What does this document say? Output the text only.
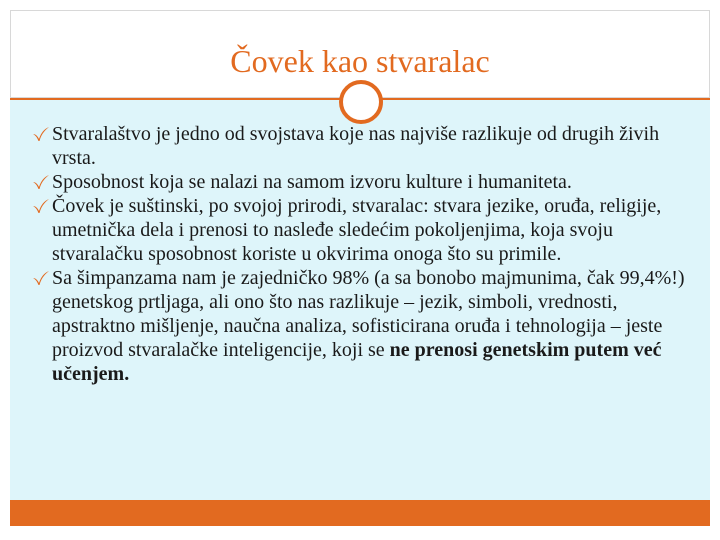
Čovek kao stvaralac
Stvaralaštvo je jedno od svojstava koje nas najviše razlikuje od drugih živih vrsta.
Sposobnost koja se nalazi na samom izvoru kulture i humaniteta.
Čovek je suštinski, po svojoj prirodi, stvaralac: stvara jezike, oruđa, religije, umetnička dela i prenosi to nasleđe sledećim pokoljenjima, koja svoju stvaralačku sposobnost koriste u okvirima onoga što su primile.
Sa šimpanzama nam je zajedničko 98% (a sa bonobo majmunima, čak 99,4%!) genetskog prtljaga, ali ono što nas razlikuje – jezik, simboli, vrednosti, apstraktno mišljenje, naučna analiza, sofisticirana oruđa i tehnologija – jeste proizvod stvaralačke inteligencije, koji se ne prenosi genetskim putem već učenjem.
